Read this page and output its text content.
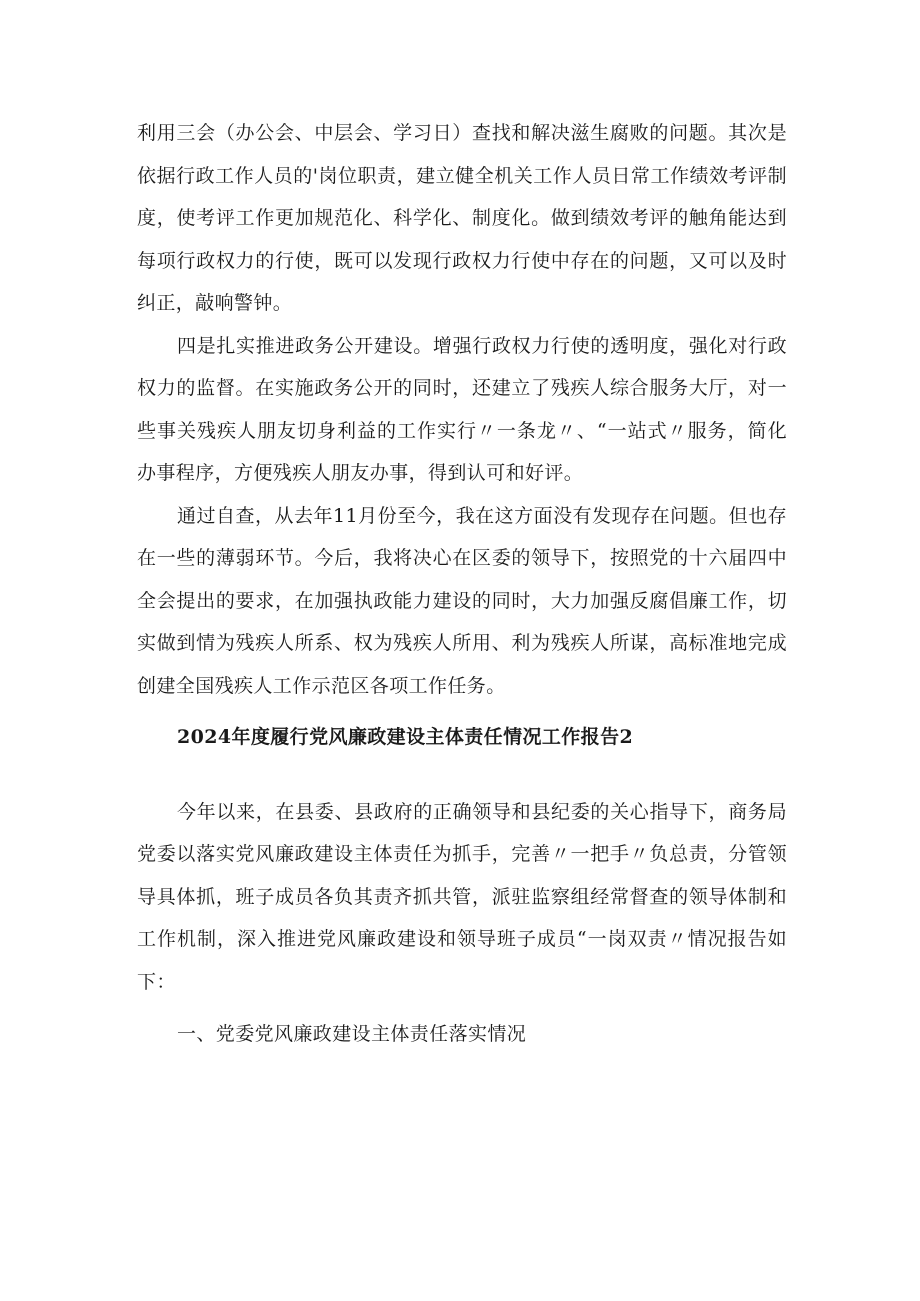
利用三会（办公会、中层会、学习日）查找和解决滋生腐败的问题。其次是依据行政工作人员的'岗位职责，建立健全机关工作人员日常工作绩效考评制度，使考评工作更加规范化、科学化、制度化。做到绩效考评的触角能达到每项行政权力的行使，既可以发现行政权力行使中存在的问题，又可以及时纠正，敲响警钟。

四是扎实推进政务公开建设。增强行政权力行使的透明度，强化对行政权力的监督。在实施政务公开的同时，还建立了残疾人综合服务大厅，对一些事关残疾人朋友切身利益的工作实行〃一条龙〃、“一站式〃服务，简化办事程序，方便残疾人朋友办事，得到认可和好评。

通过自查，从去年11月份至今，我在这方面没有发现存在问题。但也存在一些的薄弱环节。今后，我将决心在区委的领导下，按照党的十六届四中全会提出的要求，在加强执政能力建设的同时，大力加强反腐倡廉工作，切实做到情为残疾人所系、权为残疾人所用、利为残疾人所谋，高标准地完成创建全国残疾人工作示范区各项工作任务。

2024年度履行党风廉政建设主体责任情况工作报告2

今年以来，在县委、县政府的正确领导和县纪委的关心指导下，商务局党委以落实党风廉政建设主体责任为抓手，完善〃一把手〃负总责，分管领导具体抓，班子成员各负其责齐抓共管，派驻监察组经常督查的领导体制和工作机制，深入推进党风廉政建设和领导班子成员“一岗双责〃情况报告如下：

一、党委党风廉政建设主体责任落实情况
